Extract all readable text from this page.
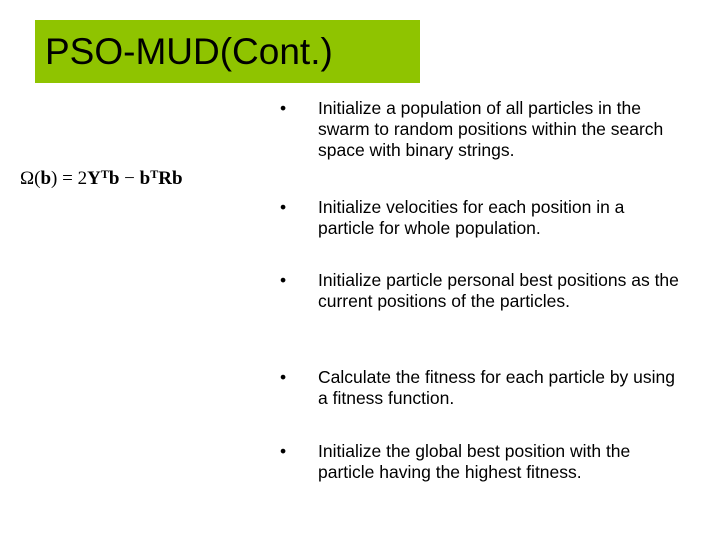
PSO-MUD(Cont.)
$\Omega(b) = 2Y^Tb - b^TRb$
• Initialize a population of all particles in the swarm to random positions within the search space with binary strings.
• Initialize velocities for each position in a particle for whole population.
• Initialize particle personal best positions as the current positions of the particles.
• Calculate the fitness for each particle by using a fitness function.
• Initialize the global best position with the particle having the highest fitness.
